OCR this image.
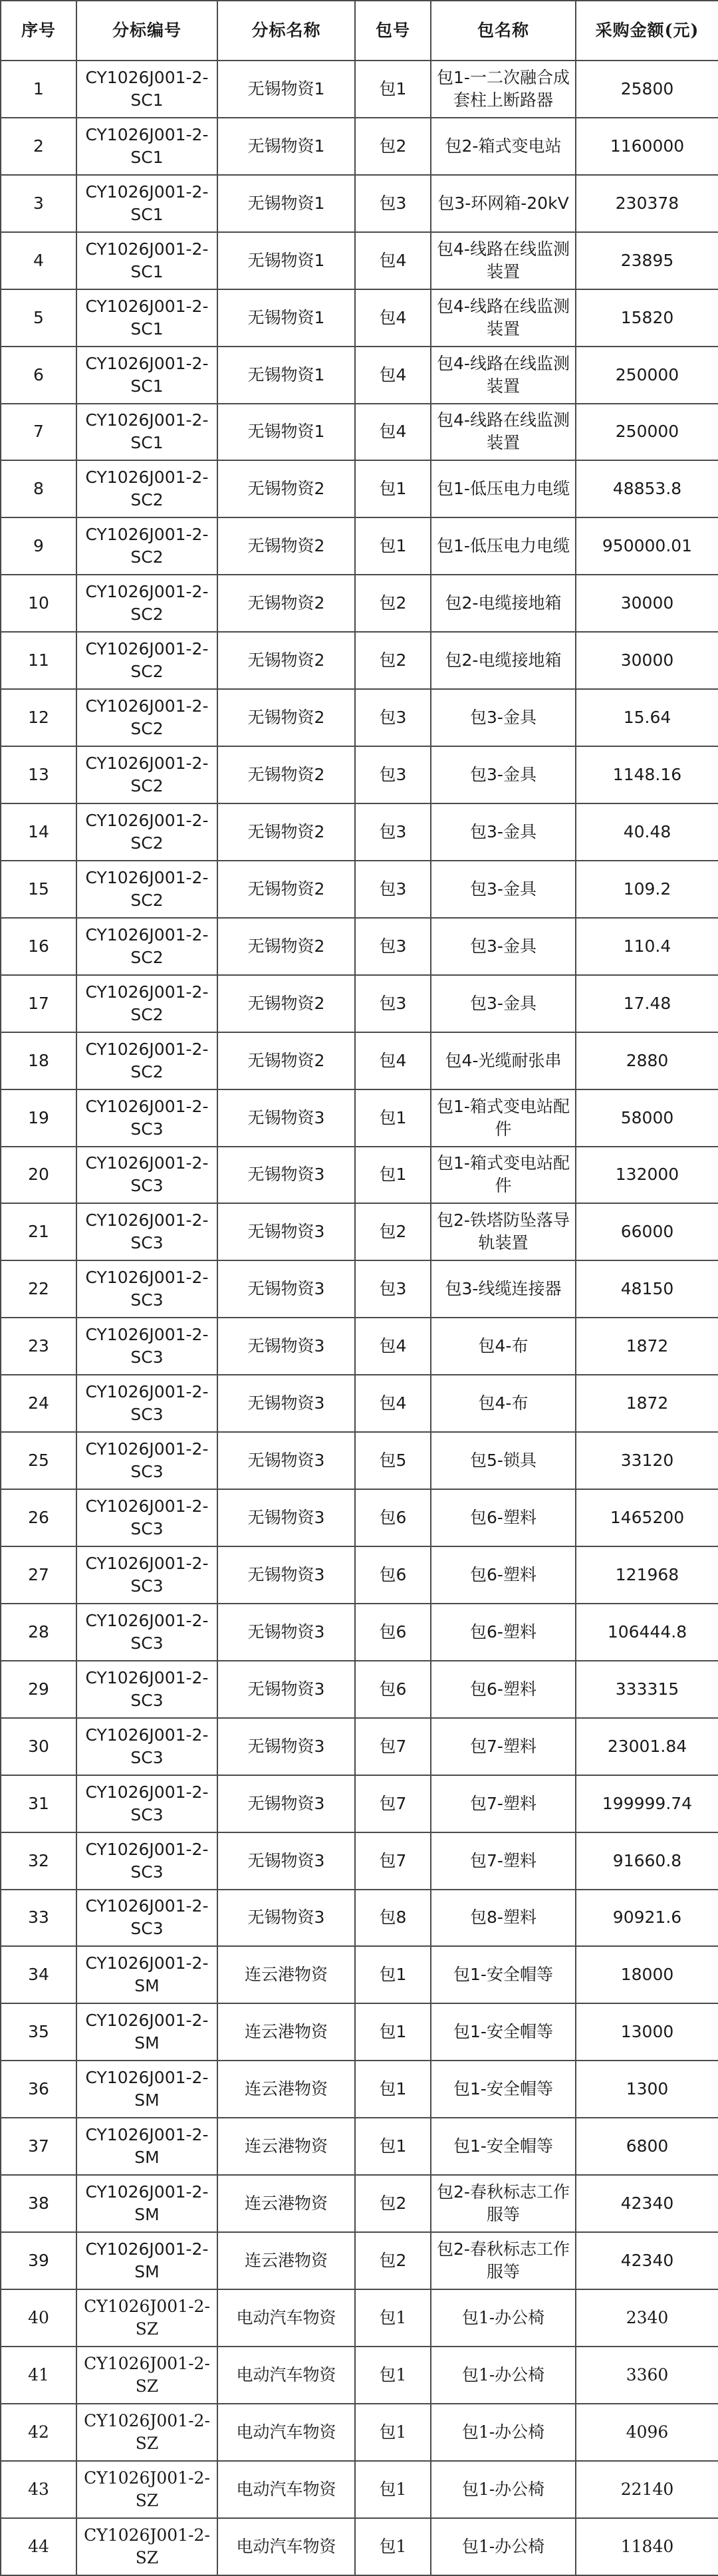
序号	分标编号	分标名称	包号	包名称	采购金额(元)
1	CY1026J001-2-SC1	无锡物资1	包1	包1-一二次融合成套柱上断路器	25800
2	CY1026J001-2-SC1	无锡物资1	包2	包2-箱式变电站	1160000
3	CY1026J001-2-SC1	无锡物资1	包3	包3-环网箱-20kV	230378
4	CY1026J001-2-SC1	无锡物资1	包4	包4-线路在线监测装置	23895
5	CY1026J001-2-SC1	无锡物资1	包4	包4-线路在线监测装置	15820
6	CY1026J001-2-SC1	无锡物资1	包4	包4-线路在线监测装置	250000
7	CY1026J001-2-SC1	无锡物资1	包4	包4-线路在线监测装置	250000
8	CY1026J001-2-SC2	无锡物资2	包1	包1-低压电力电缆	48853.8
9	CY1026J001-2-SC2	无锡物资2	包1	包1-低压电力电缆	950000.01
10	CY1026J001-2-SC2	无锡物资2	包2	包2-电缆接地箱	30000
11	CY1026J001-2-SC2	无锡物资2	包2	包2-电缆接地箱	30000
12	CY1026J001-2-SC2	无锡物资2	包3	包3-金具	15.64
13	CY1026J001-2-SC2	无锡物资2	包3	包3-金具	1148.16
14	CY1026J001-2-SC2	无锡物资2	包3	包3-金具	40.48
15	CY1026J001-2-SC2	无锡物资2	包3	包3-金具	109.2
16	CY1026J001-2-SC2	无锡物资2	包3	包3-金具	110.4
17	CY1026J001-2-SC2	无锡物资2	包3	包3-金具	17.48
18	CY1026J001-2-SC2	无锡物资2	包4	包4-光缆耐张串	2880
19	CY1026J001-2-SC3	无锡物资3	包1	包1-箱式变电站配件	58000
20	CY1026J001-2-SC3	无锡物资3	包1	包1-箱式变电站配件	132000
21	CY1026J001-2-SC3	无锡物资3	包2	包2-铁塔防坠落导轨装置	66000
22	CY1026J001-2-SC3	无锡物资3	包3	包3-线缆连接器	48150
23	CY1026J001-2-SC3	无锡物资3	包4	包4-布	1872
24	CY1026J001-2-SC3	无锡物资3	包4	包4-布	1872
25	CY1026J001-2-SC3	无锡物资3	包5	包5-锁具	33120
26	CY1026J001-2-SC3	无锡物资3	包6	包6-塑料	1465200
27	CY1026J001-2-SC3	无锡物资3	包6	包6-塑料	121968
28	CY1026J001-2-SC3	无锡物资3	包6	包6-塑料	106444.8
29	CY1026J001-2-SC3	无锡物资3	包6	包6-塑料	333315
30	CY1026J001-2-SC3	无锡物资3	包7	包7-塑料	23001.84
31	CY1026J001-2-SC3	无锡物资3	包7	包7-塑料	199999.74
32	CY1026J001-2-SC3	无锡物资3	包7	包7-塑料	91660.8
33	CY1026J001-2-SC3	无锡物资3	包8	包8-塑料	90921.6
34	CY1026J001-2-SM	连云港物资	包1	包1-安全帽等	18000
35	CY1026J001-2-SM	连云港物资	包1	包1-安全帽等	13000
36	CY1026J001-2-SM	连云港物资	包1	包1-安全帽等	1300
37	CY1026J001-2-SM	连云港物资	包1	包1-安全帽等	6800
38	CY1026J001-2-SM	连云港物资	包2	包2-春秋标志工作服等	42340
39	CY1026J001-2-SM	连云港物资	包2	包2-春秋标志工作服等	42340
40	CY1026J001-2-SZ	电动汽车物资	包1	包1-办公椅	2340
41	CY1026J001-2-SZ	电动汽车物资	包1	包1-办公椅	3360
42	CY1026J001-2-SZ	电动汽车物资	包1	包1-办公椅	4096
43	CY1026J001-2-SZ	电动汽车物资	包1	包1-办公椅	22140
44	CY1026J001-2-SZ	电动汽车物资	包1	包1-办公椅	11840
